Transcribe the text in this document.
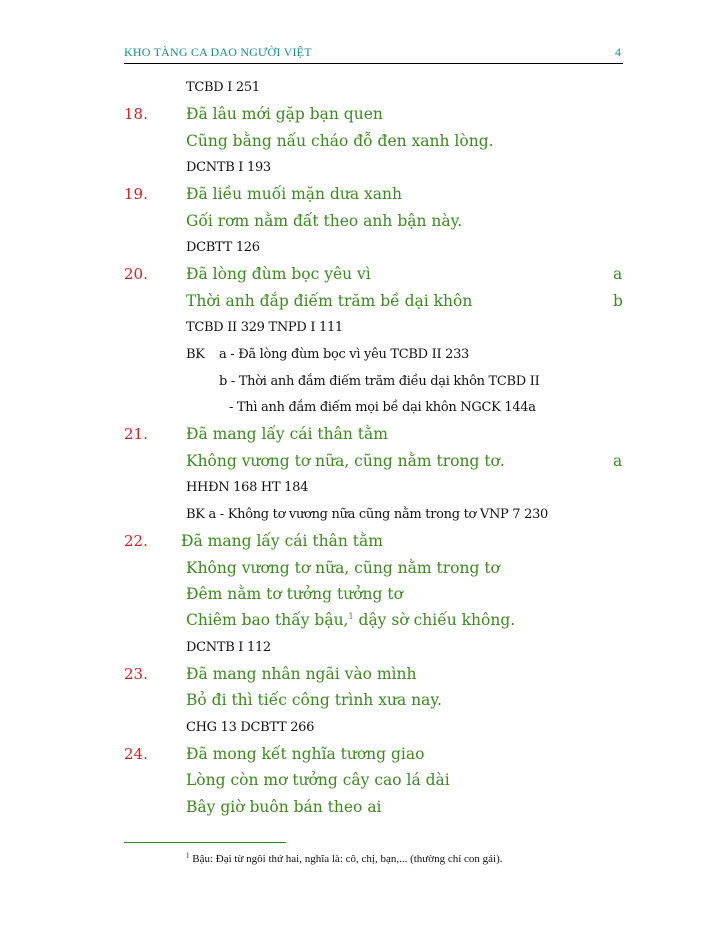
KHO TÀNG CA DAO NGƯỜI VIỆT	4
TCBD I 251
18. Đã lâu mới gặp bạn quen
Cũng bằng nấu cháo đỗ đen xanh lòng.
DCNTB I 193
19. Đã liều muối mặn dưa xanh
Gối rơm nằm đất theo anh bận này.
DCBTT 126
20. Đã lòng đùm bọc yêu vì	a
Thời anh đắp điếm trăm bề dại khôn	b
TCBD II 329 TNPD I 111
BK a - Đã lòng đùm bọc vì yêu TCBD II 233
b - Thời anh đắm điếm trăm điều dại khôn TCBD II
- Thì anh đắm điếm mọi bề dại khôn NGCK 144a
21. Đã mang lấy cái thân tằm
Không vương tơ nữa, cũng nằm trong tơ.	a
HHĐN 168 HT 184
BK a - Không tơ vương nữa cũng nằm trong tơ VNP 7 230
22. Đã mang lấy cái thân tằm
Không vương tơ nữa, cũng nằm trong tơ
Đêm nằm tơ tưởng tưởng tơ
Chiêm bao thấy bậu,$^1$ dậy sờ chiếu không.
DCNTB I 112
23. Đã mang nhân ngãi vào mình
Bỏ đi thì tiếc công trình xưa nay.
CHG 13 DCBTT 266
24. Đã mong kết nghĩa tương giao
Lòng còn mơ tưởng cây cao lá dài
Bây giờ buôn bán theo ai
$^1$ Bậu: Đại từ ngôi thứ hai, nghĩa là: cô, chị, bạn,... (thường chỉ con gái).
